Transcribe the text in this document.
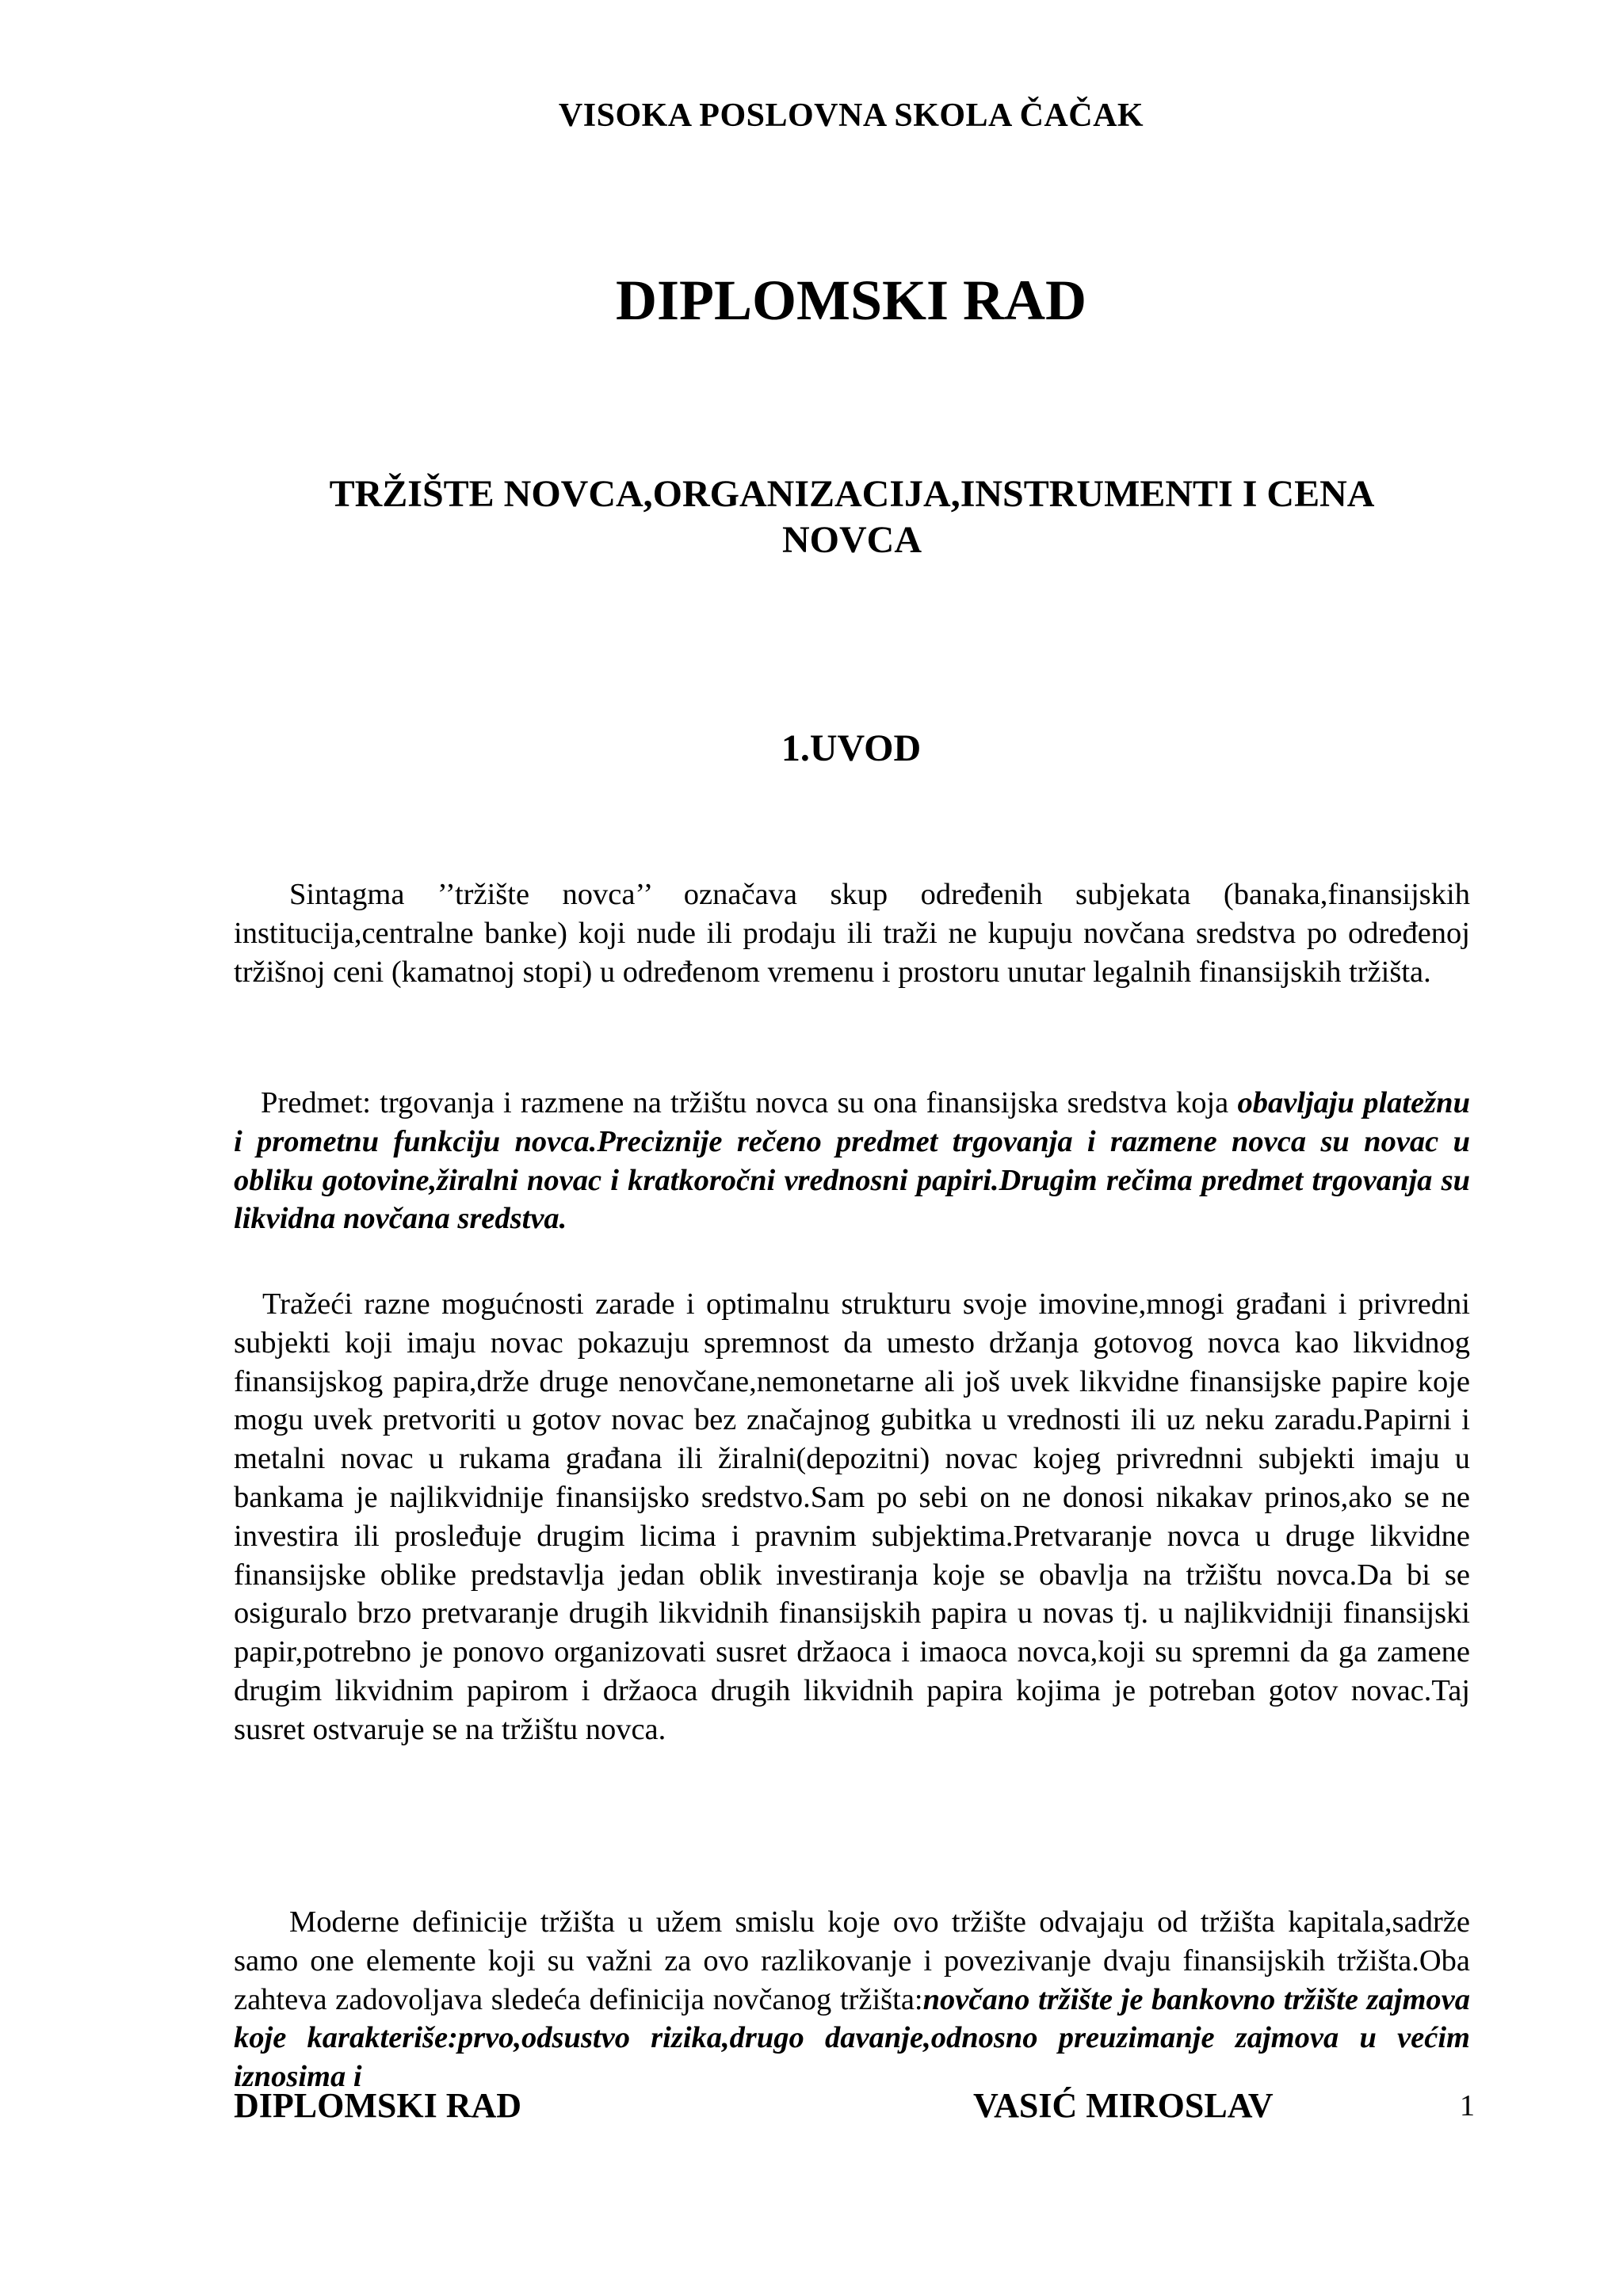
VISOKA POSLOVNA SKOLA ČAČAK
DIPLOMSKI RAD
TRŽIŠTE NOVCA,ORGANIZACIJA,INSTRUMENTI I CENA
NOVCA
1.UVOD

Sintagma ’’tržište novca’’ označava skup određenih subjekata (banaka,finansijskih institucija,centralne banke) koji nude ili prodaju ili traži ne kupuju novčana sredstva po određenoj tržišnoj ceni (kamatnoj stopi) u određenom vremenu i prostoru unutar legalnih finansijskih tržišta.

Predmet: trgovanja i razmene na tržištu novca su ona finansijska sredstva koja obavljaju platežnu i prometnu funkciju novca.Preciznije rečeno predmet trgovanja i razmene novca su novac u obliku gotovine,žiralni novac i kratkoročni vrednosni papiri.Drugim rečima predmet trgovanja su likvidna novčana sredstva.

Tražeći razne mogućnosti zarade i optimalnu strukturu svoje imovine,mnogi građani i privredni subjekti koji imaju novac pokazuju spremnost da umesto držanja gotovog novca kao likvidnog finansijskog papira,drže druge nenovčane,nemonetarne ali još uvek likvidne finansijske papire koje mogu uvek pretvoriti u gotov novac bez značajnog gubitka u vrednosti ili uz neku zaradu.Papirni i metalni novac u rukama građana ili žiralni(depozitni) novac kojeg privrednni subjekti imaju u bankama je najlikvidnije finansijsko sredstvo.Sam po sebi on ne donosi nikakav prinos,ako se ne investira ili prosleđuje drugim licima i pravnim subjektima.Pretvaranje novca u druge likvidne finansijske oblike predstavlja jedan oblik investiranja koje se obavlja na tržištu novca.Da bi se osiguralo brzo pretvaranje drugih likvidnih finansijskih papira u novas tj. u najlikvidniji finansijski papir,potrebno je ponovo organizovati susret držaoca i imaoca novca,koji su spremni da ga zamene drugim likvidnim papirom i držaoca drugih likvidnih papira kojima je potreban gotov novac.Taj susret ostvaruje se na tržištu novca.

Moderne definicije tržišta u užem smislu koje ovo tržište odvajaju od tržišta kapitala,sadrže samo one elemente koji su važni za ovo razlikovanje i povezivanje dvaju finansijskih tržišta.Oba zahteva zadovoljava sledeća definicija novčanog tržišta:novčano tržište je bankovno tržište zajmova koje karakteriše:prvo,odsustvo rizika,drugo davanje,odnosno preuzimanje zajmova u većim iznosima i

DIPLOMSKI RAD	VASIĆ MIROSLAV	1
